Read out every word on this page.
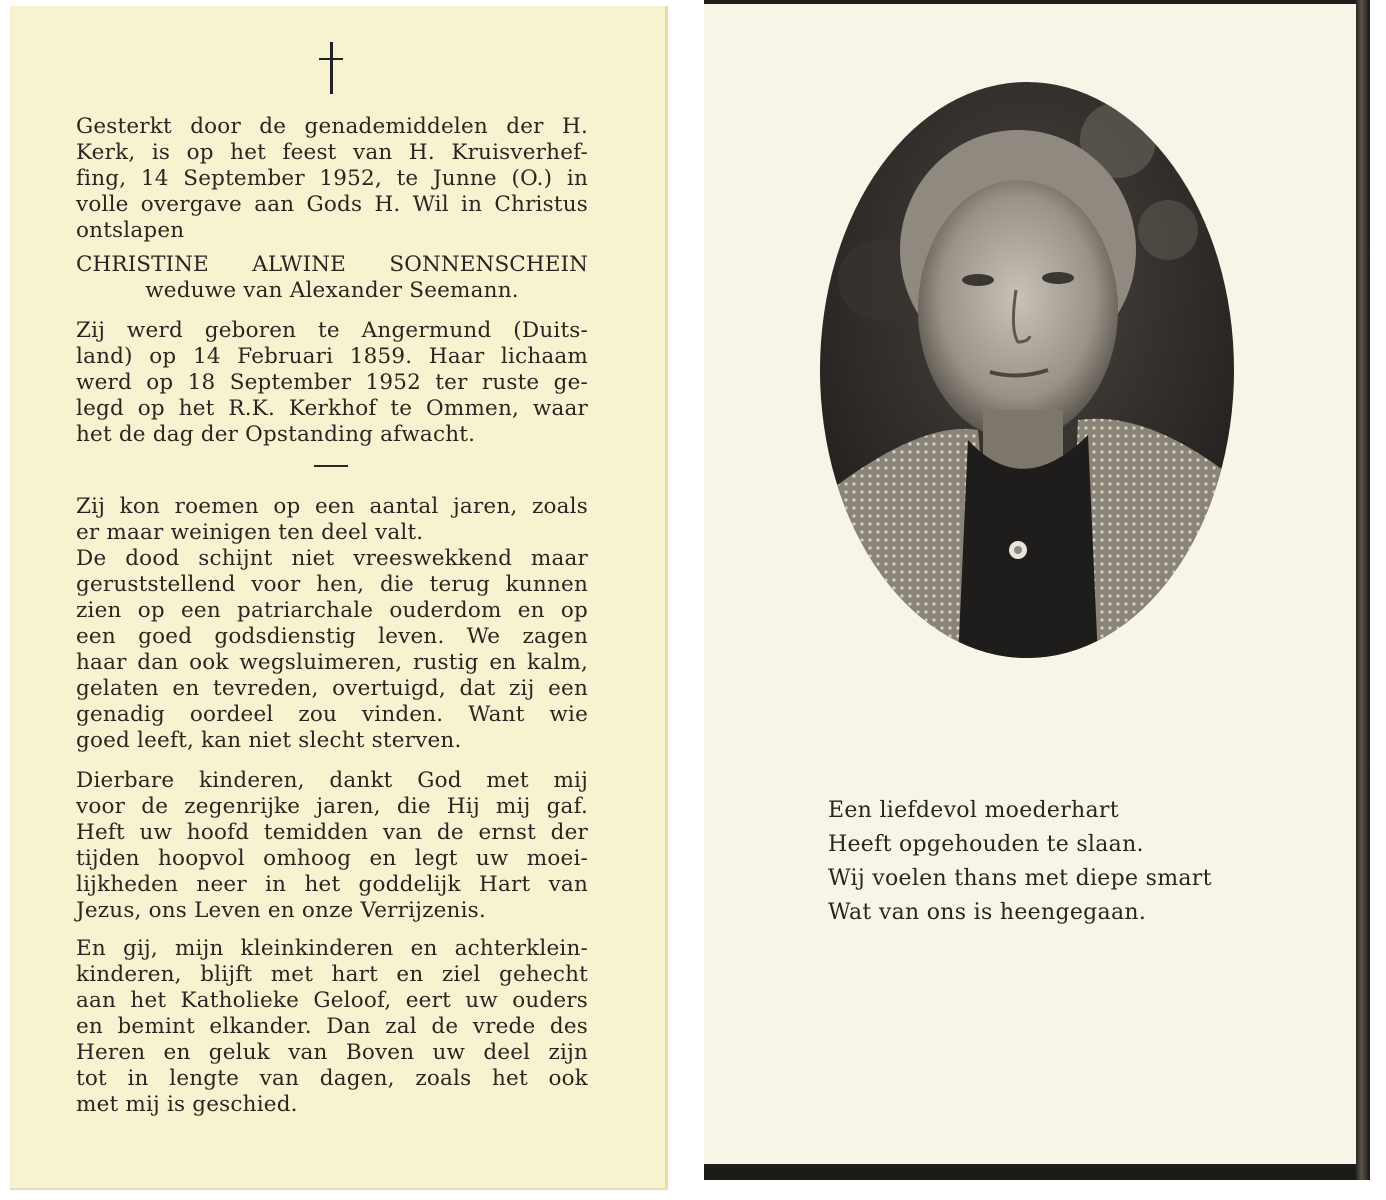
Gesterkt door de genademiddelen der H.
Kerk, is op het feest van H. Kruisverhef-
fing, 14 September 1952, te Junne (O.) in
volle overgave aan Gods H. Wil in Christus
ontslapen
CHRISTINE ALWINE SONNENSCHEIN
weduwe van Alexander Seemann.
Zij werd geboren te Angermund (Duits-
land) op 14 Februari 1859. Haar lichaam
werd op 18 September 1952 ter ruste ge-
legd op het R.K. Kerkhof te Ommen, waar
het de dag der Opstanding afwacht.
Zij kon roemen op een aantal jaren, zoals
er maar weinigen ten deel valt.
De dood schijnt niet vreeswekkend maar
geruststellend voor hen, die terug kunnen
zien op een patriarchale ouderdom en op
een goed godsdienstig leven. We zagen
haar dan ook wegsluimeren, rustig en kalm,
gelaten en tevreden, overtuigd, dat zij een
genadig oordeel zou vinden. Want wie
goed leeft, kan niet slecht sterven.
Dierbare kinderen, dankt God met mij
voor de zegenrijke jaren, die Hij mij gaf.
Heft uw hoofd temidden van de ernst der
tijden hoopvol omhoog en legt uw moei-
lijkheden neer in het goddelijk Hart van
Jezus, ons Leven en onze Verrijzenis.
En gij, mijn kleinkinderen en achterklein-
kinderen, blijft met hart en ziel gehecht
aan het Katholieke Geloof, eert uw ouders
en bemint elkander. Dan zal de vrede des
Heren en geluk van Boven uw deel zijn
tot in lengte van dagen, zoals het ook
met mij is geschied.
Een liefdevol moederhart
Heeft opgehouden te slaan.
Wij voelen thans met diepe smart
Wat van ons is heengegaan.
